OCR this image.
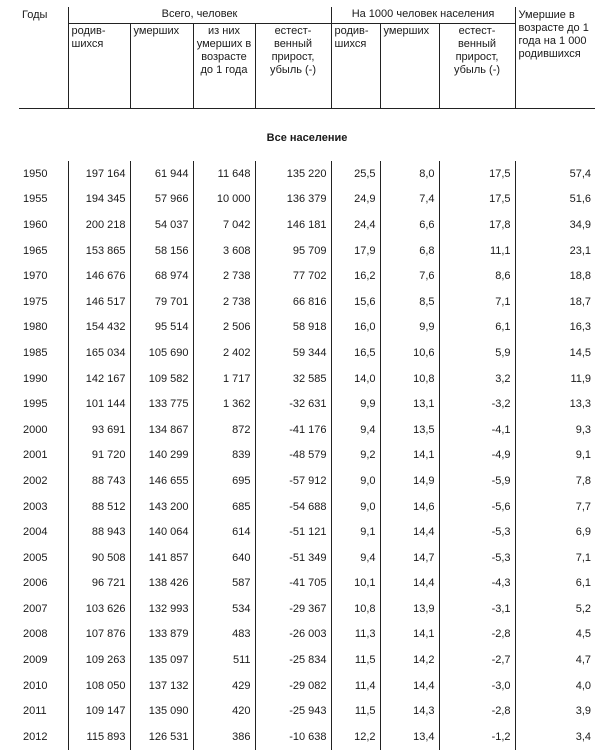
Годы	Всего, человек				На 1000 человек населения			Умершие в возрасте до 1 года на 1 000 родившихся
	родив-шихся	умерших	из них умерших в возрасте до 1 года	естест-венный прирост, убыль (-)	родив-шихся	умерших	естест-венный прирост, убыль (-)	
Все население								
1950	197 164	61 944	11 648	135 220	25,5	8,0	17,5	57,4
1955	194 345	57 966	10 000	136 379	24,9	7,4	17,5	51,6
1960	200 218	54 037	7 042	146 181	24,4	6,6	17,8	34,9
1965	153 865	58 156	3 608	95 709	17,9	6,8	11,1	23,1
1970	146 676	68 974	2 738	77 702	16,2	7,6	8,6	18,8
1975	146 517	79 701	2 738	66 816	15,6	8,5	7,1	18,7
1980	154 432	95 514	2 506	58 918	16,0	9,9	6,1	16,3
1985	165 034	105 690	2 402	59 344	16,5	10,6	5,9	14,5
1990	142 167	109 582	1 717	32 585	14,0	10,8	3,2	11,9
1995	101 144	133 775	1 362	-32 631	9,9	13,1	-3,2	13,3
2000	93 691	134 867	872	-41 176	9,4	13,5	-4,1	9,3
2001	91 720	140 299	839	-48 579	9,2	14,1	-4,9	9,1
2002	88 743	146 655	695	-57 912	9,0	14,9	-5,9	7,8
2003	88 512	143 200	685	-54 688	9,0	14,6	-5,6	7,7
2004	88 943	140 064	614	-51 121	9,1	14,4	-5,3	6,9
2005	90 508	141 857	640	-51 349	9,4	14,7	-5,3	7,1
2006	96 721	138 426	587	-41 705	10,1	14,4	-4,3	6,1
2007	103 626	132 993	534	-29 367	10,8	13,9	-3,1	5,2
2008	107 876	133 879	483	-26 003	11,3	14,1	-2,8	4,5
2009	109 263	135 097	511	-25 834	11,5	14,2	-2,7	4,7
2010	108 050	137 132	429	-29 082	11,4	14,4	-3,0	4,0
2011	109 147	135 090	420	-25 943	11,5	14,3	-2,8	3,9
2012	115 893	126 531	386	-10 638	12,2	13,4	-1,2	3,4
